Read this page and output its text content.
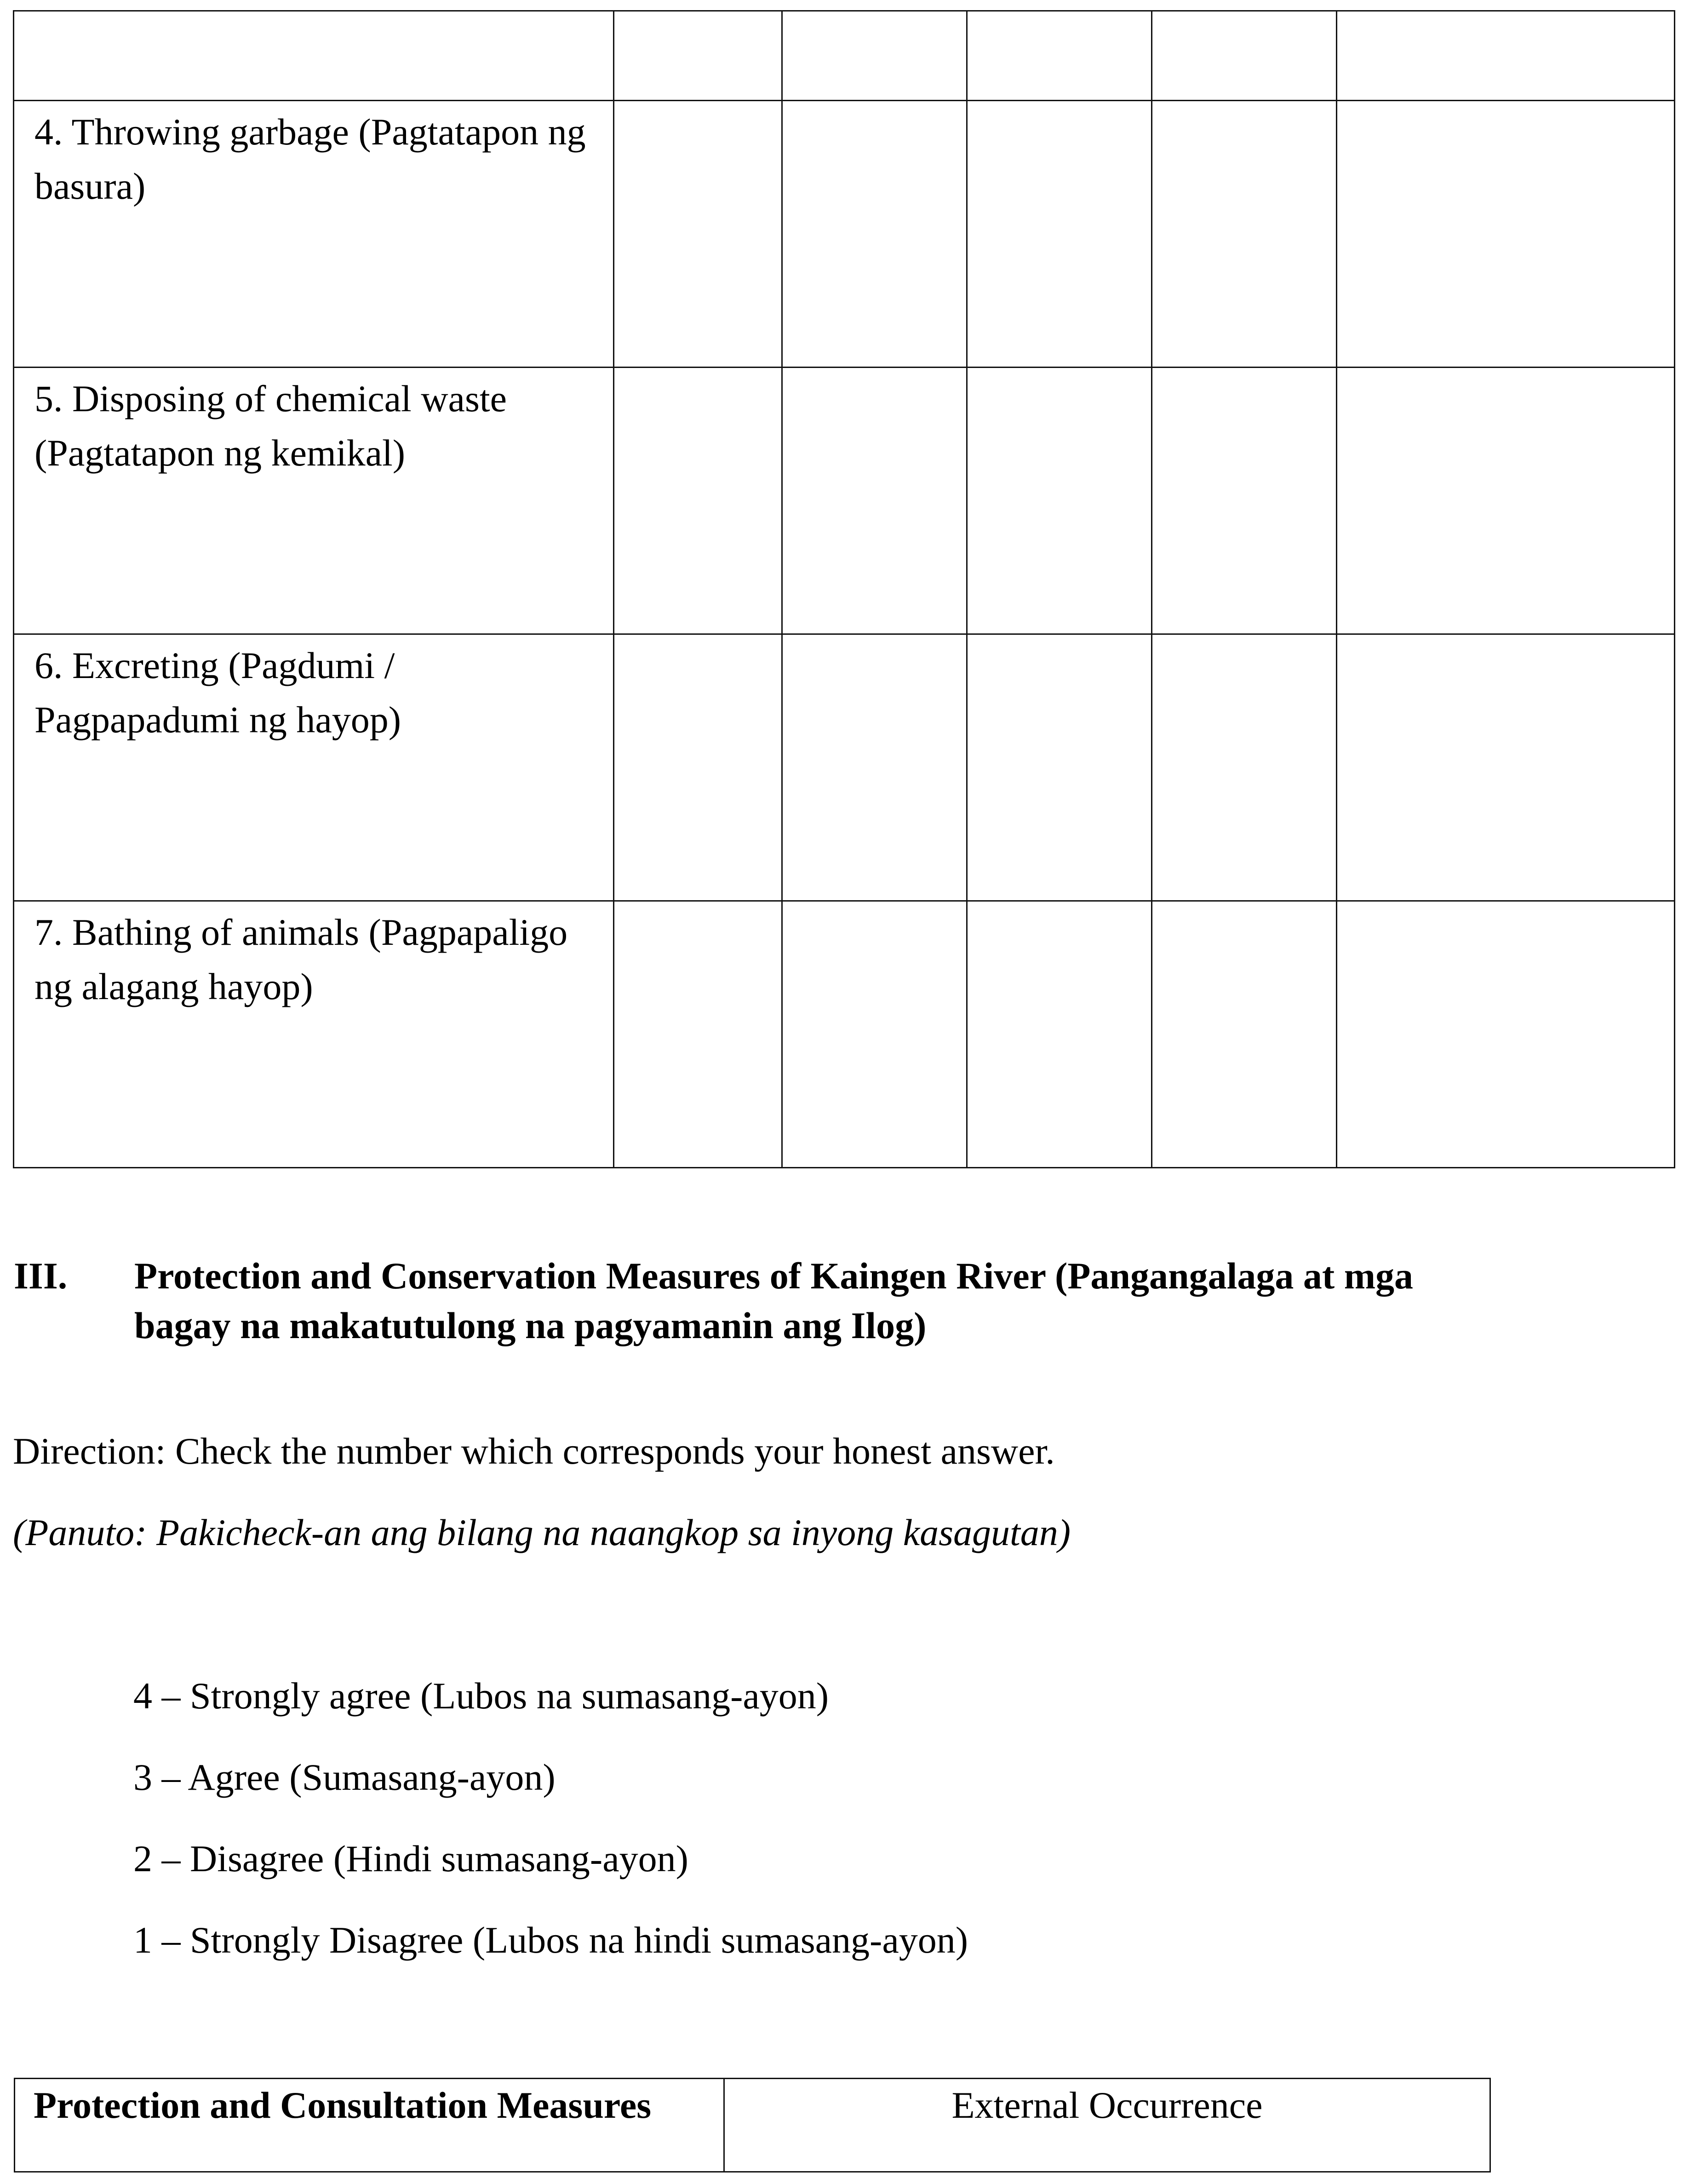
4. Throwing garbage (Pagtatapon ng basura)					
5. Disposing of chemical waste (Pagtatapon ng kemikal)					
6. Excreting (Pagdumi / Pagpapadumi ng hayop)					
7. Bathing of animals (Pagpapaligo ng alagang hayop)					
III. Protection and Conservation Measures of Kaingen River (Pangangalaga at mga bagay na makatutulong na pagyamanin ang Ilog)
Direction: Check the number which corresponds your honest answer.
(Panuto: Pakicheck-an ang bilang na naangkop sa inyong kasagutan)
4 – Strongly agree (Lubos na sumasang-ayon)
3 – Agree (Sumasang-ayon)
2 – Disagree (Hindi sumasang-ayon)
1 – Strongly Disagree (Lubos na hindi sumasang-ayon)
Protection and Consultation Measures	External Occurrence
